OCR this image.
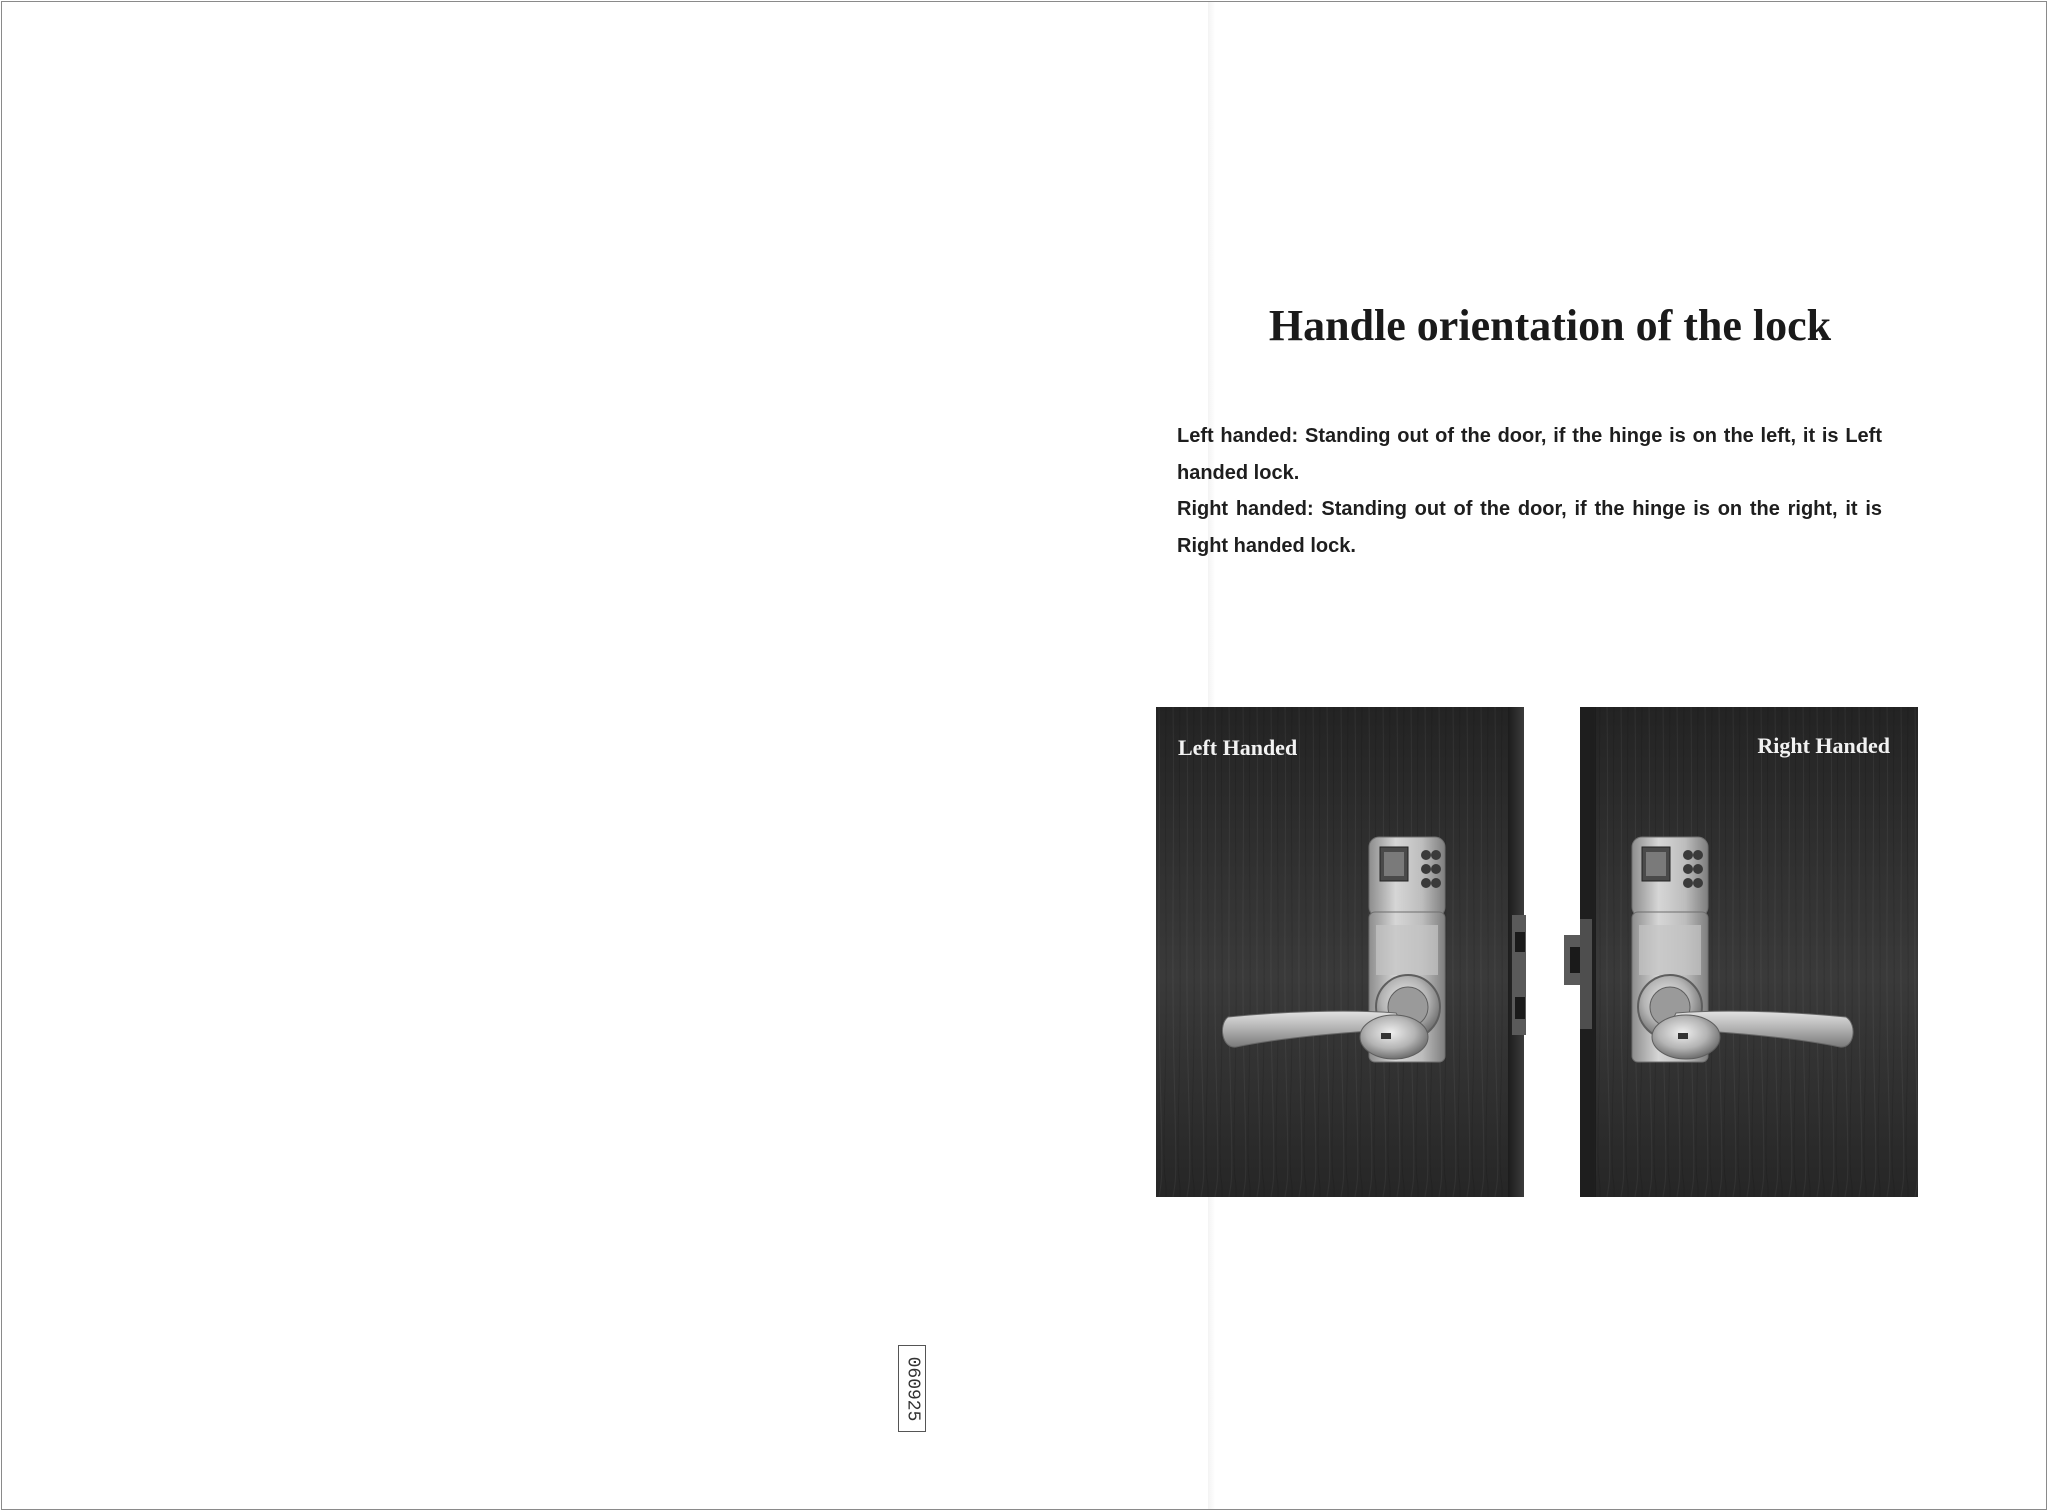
Handle orientation of the lock

Left handed: Standing out of the door, if the hinge is on the left, it is Left handed lock.

Right handed: Standing out of the door, if the hinge is on the right, it is Right handed lock.

Left Handed	Right Handed
060925
